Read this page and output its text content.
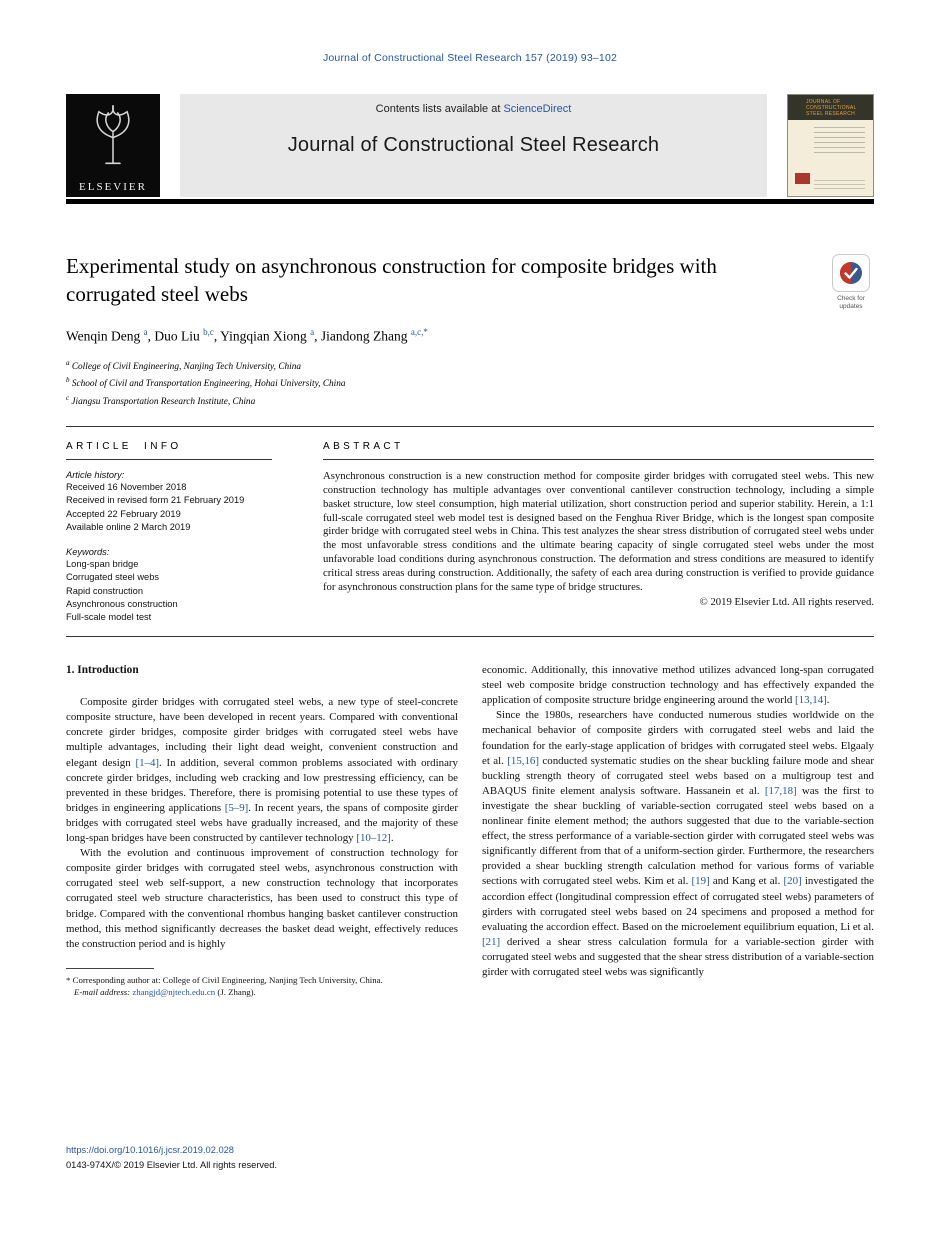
Journal of Constructional Steel Research 157 (2019) 93–102
ELSEVIER
Contents lists available at ScienceDirect
Journal of Constructional Steel Research
JOURNAL OF CONSTRUCTIONAL STEEL RESEARCH
Experimental study on asynchronous construction for composite bridges with corrugated steel webs	Check for updates
Wenqin Deng $^a$, Duo Liu $^{b,c}$, Yingqian Xiong $^a$, Jiandong Zhang $^{a,c,*}$
$^a$ College of Civil Engineering, Nanjing Tech University, China
$^b$ School of Civil and Transportation Engineering, Hohai University, China
$^c$ Jiangsu Transportation Research Institute, China
ARTICLE INFO
Article history:
Received 16 November 2018
Received in revised form 21 February 2019
Accepted 22 February 2019
Available online 2 March 2019
Keywords:
Long-span bridge
Corrugated steel webs
Rapid construction
Asynchronous construction
Full-scale model test
ABSTRACT

Asynchronous construction is a new construction method for composite girder bridges with corrugated steel webs. This new construction technology has multiple advantages over conventional cantilever construction technology, including a simple basket structure, low steel consumption, high material utilization, short construction period and superior stability. Herein, a 1:1 full-scale corrugated steel web model test is designed based on the Fenghua River Bridge, which is the longest span composite girder bridge with corrugated steel webs in China. This test analyzes the shear stress distribution of corrugated steel webs under the most unfavorable stress conditions and the ultimate bearing capacity of single corrugated steel webs under the most unfavorable load conditions during asynchronous construction. The deformation and stress conditions are measured to identify critical stress areas during construction. Additionally, the safety of each area during construction is verified to provide guidance for asynchronous construction plans for the same type of bridge structures.

© 2019 Elsevier Ltd. All rights reserved.
1. Introduction

Composite girder bridges with corrugated steel webs, a new type of steel-concrete composite structure, have been developed in recent years. Compared with conventional concrete girder bridges, composite girder bridges with corrugated steel webs have multiple advantages, including their light dead weight, convenient construction and elegant design [1–4]. In addition, several common problems associated with ordinary concrete girder bridges, including web cracking and low prestressing efficiency, can be prevented in these bridges. Therefore, there is promising potential to use these types of bridges in engineering applications [5–9]. In recent years, the spans of composite girder bridges with corrugated steel webs have gradually increased, and the majority of these long-span bridges have been constructed by cantilever technology [10–12].

With the evolution and continuous improvement of construction technology for composite girder bridges with corrugated steel webs, asynchronous construction with corrugated steel web self-support, a new construction technology that incorporates corrugated steel web structure characteristics, has been used to construct this type of bridge. Compared with the conventional rhombus hanging basket cantilever construction method, this method significantly decreases the basket dead weight, effectively reduces the construction period and is highly

* Corresponding author at: College of Civil Engineering, Nanjing Tech University, China.
E-mail address: zhangjd@njtech.edu.cn (J. Zhang).

economic. Additionally, this innovative method utilizes advanced long-span corrugated steel web composite bridge construction technology and has effectively expanded the application of composite structure bridge engineering around the world [13,14].

Since the 1980s, researchers have conducted numerous studies worldwide on the mechanical behavior of composite girders with corrugated steel webs and laid the foundation for the early-stage application of bridges with corrugated steel webs. Elgaaly et al. [15,16] conducted systematic studies on the shear buckling failure mode and shear buckling strength theory of corrugated steel webs based on a multigroup test and ABAQUS finite element analysis software. Hassanein et al. [17,18] was the first to investigate the shear buckling of variable-section corrugated steel webs based on a nonlinear finite element method; the authors suggested that due to the variable-section effect, the stress performance of a variable-section girder with corrugated steel webs was significantly different from that of a uniform-section girder. Furthermore, the researchers provided a shear buckling strength calculation method for various forms of variable sections with corrugated steel webs. Kim et al. [19] and Kang et al. [20] investigated the accordion effect (longitudinal compression effect of corrugated steel webs) parameters of girders with corrugated steel webs based on 24 specimens and proposed a method for evaluating the accordion effect. Based on the microelement equilibrium equation, Li et al. [21] derived a shear stress calculation formula for a variable-section girder with corrugated steel webs and suggested that the shear stress distribution of a variable-section girder with corrugated steel webs was significantly

https://doi.org/10.1016/j.jcsr.2019.02.028
0143-974X/© 2019 Elsevier Ltd. All rights reserved.
